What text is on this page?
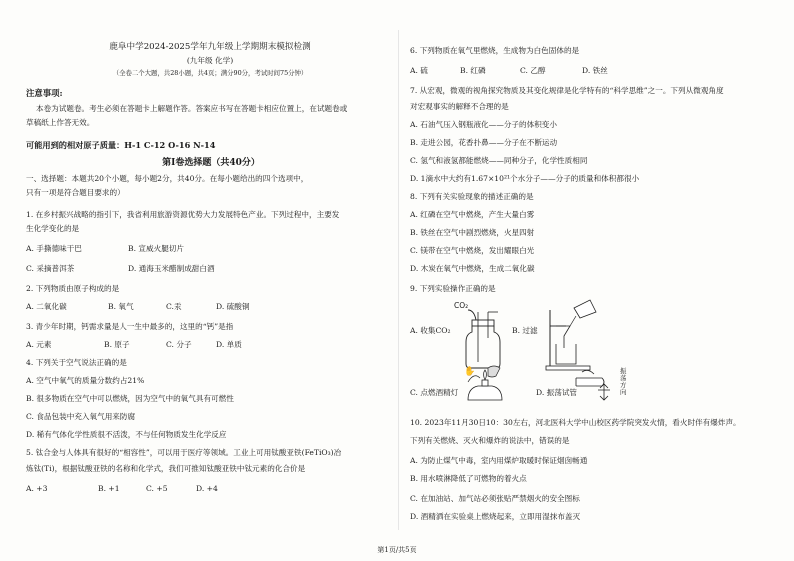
鹿阜中学2024-2025学年九年级上学期期末模拟检测
(九年级 化学)
（全卷二个大题，共28小题，共4页；满分90分，考试时间75分钟）
注意事项:
本卷为试题卷。考生必须在答题卡上解题作答。答案应书写在答题卡相应位置上，在试题卷或
草稿纸上作答无效。
可能用到的相对原子质量：H-1 C-12 O-16 N-14
第Ⅰ卷选择题（共40分）
一、选择题：本题共20个小题，每小题2分，共40分。在每小题给出的四个选项中，
只有一项是符合题目要求的）
1. 在乡村振兴战略的指引下，我省利用旅游资源优势大力发展特色产业。下列过程中，主要发
生化学变化的是
A. 手撕德味干巴	B. 宣威火腿切片
C. 采摘普洱茶	D. 通海玉米醋制成甜白酒
2. 下列物质由原子构成的是
A. 二氧化碳	B. 氧气	C.汞	D. 硫酸铜
3. 青少年时期，钙需求量是人一生中最多的，这里的“钙”是指
A. 元素	B. 原子	C. 分子	D. 单质
4. 下列关于空气说法正确的是
A. 空气中氧气的质量分数约占21%
B. 很多物质在空气中可以燃烧，因为空气中的氧气具有可燃性
C. 食品包装中充入氧气用来防腐
D. 稀有气体化学性质很不活泼，不与任何物质发生化学反应
5. 钛合金与人体具有很好的“相容性”，可以用于医疗等领域。工业上可用钛酸亚铁(FeTiO₃)冶
炼钛(Ti)，根据钛酸亚铁的名称和化学式，我们可推知钛酸亚铁中钛元素的化合价是
A. +3	B. +1	C. +5	D. +4
6. 下列物质在氧气里燃烧，生成物为白色固体的是
A. 硫	B. 红磷	C. 乙醇	D. 铁丝
7. 从宏观，微观的视角探究物质及其变化规律是化学特有的“科学思维”之一。下列从微观角度
对宏观事实的解释不合理的是
A. 石油气压入钢瓶液化——分子的体积变小
B. 走进公园，花香扑鼻——分子在不断运动
C. 氢气和液氢都能燃烧——同种分子，化学性质相同
D. 1滴水中大约有1.67×10²¹个水分子——分子的质量和体积都很小
8. 下列有关实验现象的描述正确的是
A. 红磷在空气中燃烧，产生大量白雾
B. 铁丝在空气中剧烈燃烧，火星四射
C. 镁带在空气中燃烧，发出耀眼白光
D. 木炭在氧气中燃烧，生成二氧化碳
9. 下列实验操作正确的是
A. 收集CO₂
CO₂
B. 过滤
C. 点燃酒精灯
✋
D. 振荡试管
振荡方向
10. 2023年11月30日10：30左右，河北医科大学中山校区药学院突发火情，看火时伴有爆炸声。
下列有关燃烧、灭火和爆炸的说法中，错误的是
A. 为防止煤气中毒，室内用煤炉取暖时保证烟囱畅通
B. 用水喷淋降低了可燃物的着火点
C. 在加油站、加气站必须张贴严禁烟火的安全图标
D. 酒精洒在实验桌上燃烧起来，立即用湿抹布盖灭
第1页/共5页
